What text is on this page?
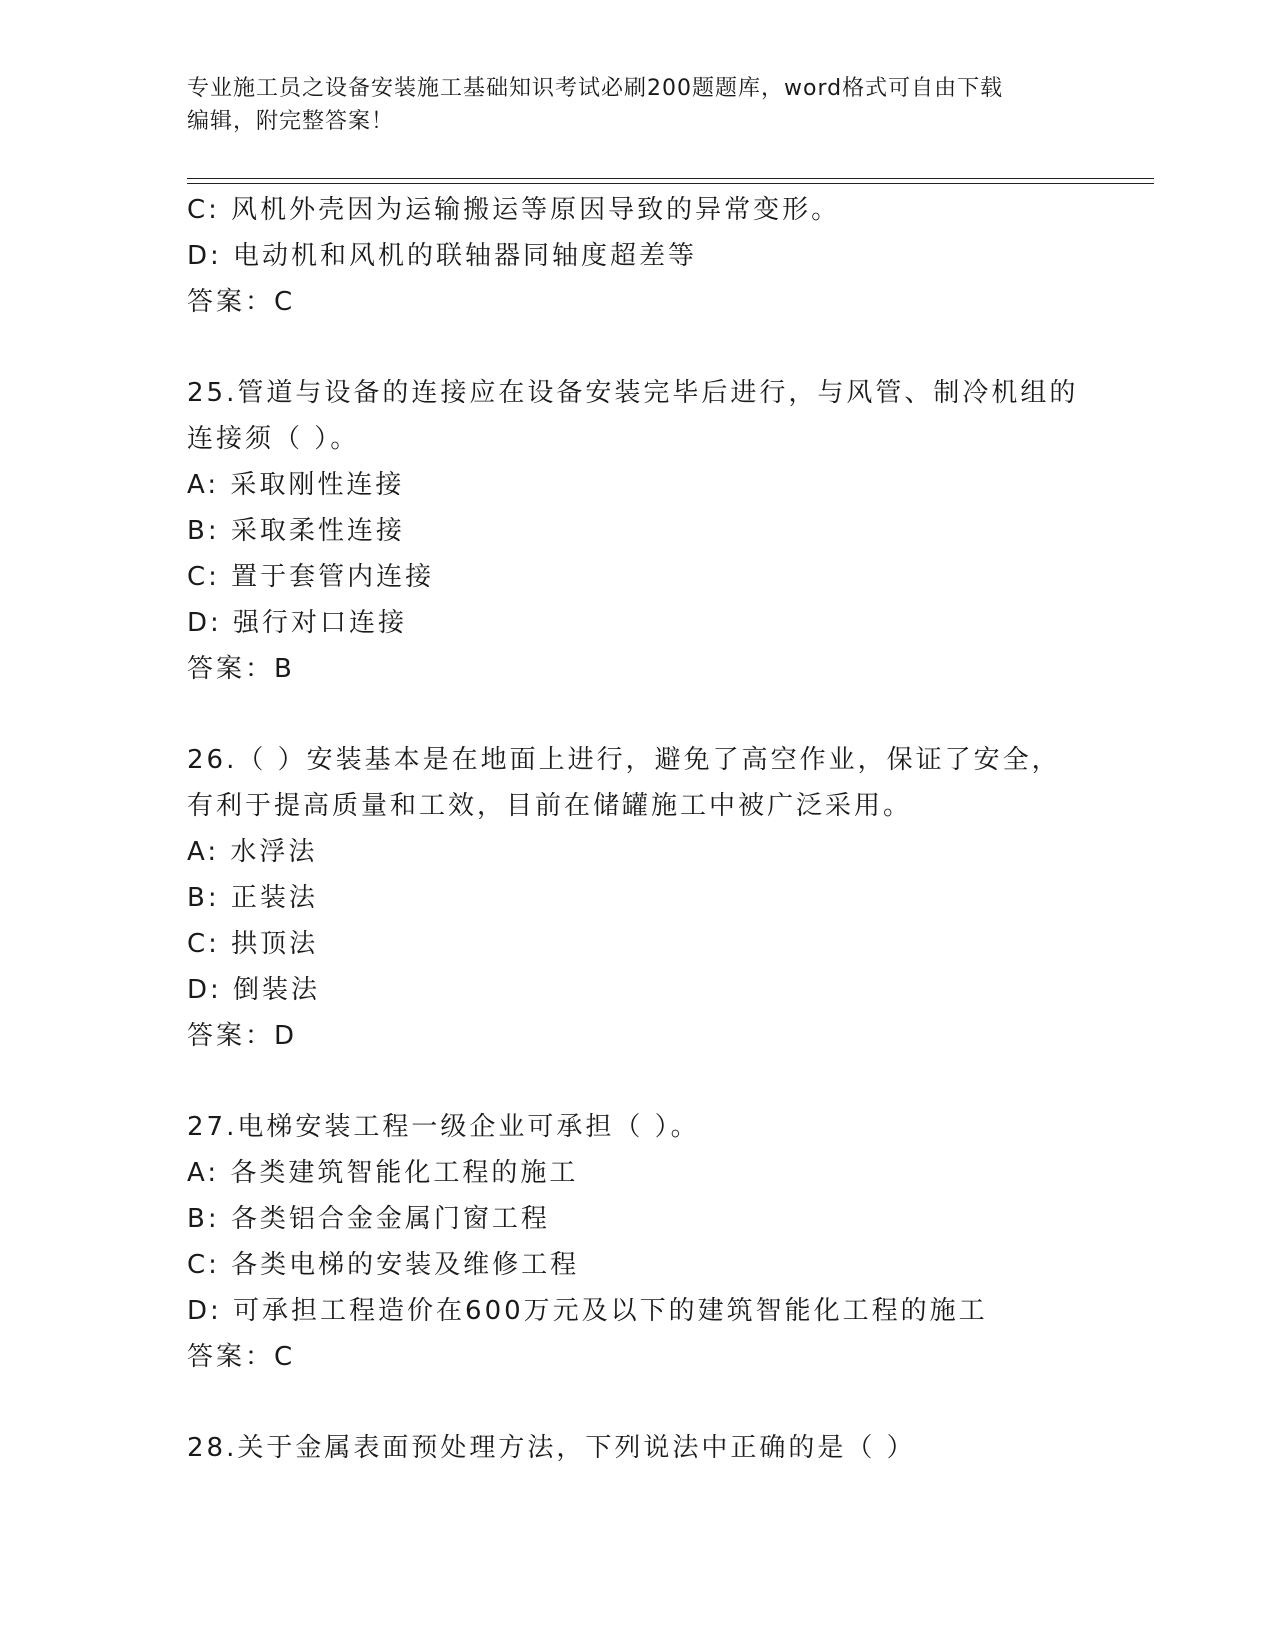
专业施工员之设备安装施工基础知识考试必刷200题题库，word格式可自由下载
编辑，附完整答案！
C: 风机外壳因为运输搬运等原因导致的异常变形。
D: 电动机和风机的联轴器同轴度超差等
答案：C
25.管道与设备的连接应在设备安装完毕后进行，与风管、制冷机组的
连接须（ ）。
A: 采取刚性连接
B: 采取柔性连接
C: 置于套管内连接
D: 强行对口连接
答案：B
26.（ ）安装基本是在地面上进行，避免了高空作业，保证了安全，
有利于提高质量和工效，目前在储罐施工中被广泛采用。
A: 水浮法
B: 正装法
C: 拱顶法
D: 倒装法
答案：D
27.电梯安装工程一级企业可承担（ ）。
A: 各类建筑智能化工程的施工
B: 各类铝合金金属门窗工程
C: 各类电梯的安装及维修工程
D: 可承担工程造价在600万元及以下的建筑智能化工程的施工
答案：C
28.关于金属表面预处理方法，下列说法中正确的是（ ）
